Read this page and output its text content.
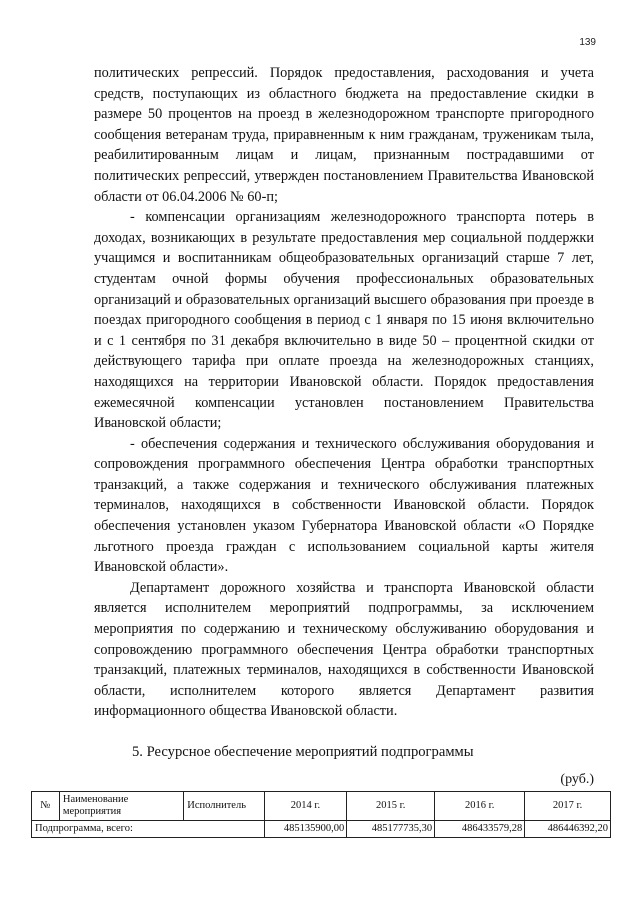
139

политических репрессий. Порядок предоставления, расходования и учета средств, поступающих из областного бюджета на предоставление скидки в размере 50 процентов на проезд в железнодорожном транспорте пригородного сообщения ветеранам труда, приравненным к ним гражданам, труженикам тыла, реабилитированным лицам и лицам, признанным пострадавшими от политических репрессий, утвержден постановлением Правительства Ивановской области от 06.04.2006 № 60-п;

- компенсации организациям железнодорожного транспорта потерь в доходах, возникающих в результате предоставления мер социальной поддержки учащимся и воспитанникам общеобразовательных организаций старше 7 лет, студентам очной формы обучения профессиональных образовательных организаций и образовательных организаций высшего образования при проезде в поездах пригородного сообщения в период с 1 января по 15 июня включительно и с 1 сентября по 31 декабря включительно в виде 50 – процентной скидки от действующего тарифа при оплате проезда на железнодорожных станциях, находящихся на территории Ивановской области. Порядок предоставления ежемесячной компенсации установлен постановлением Правительства Ивановской области;

- обеспечения содержания и технического обслуживания оборудования и сопровождения программного обеспечения Центра обработки транспортных транзакций, а также содержания и технического обслуживания платежных терминалов, находящихся в собственности Ивановской области. Порядок обеспечения установлен указом Губернатора Ивановской области «О Порядке льготного проезда граждан с использованием социальной карты жителя Ивановской области».

Департамент дорожного хозяйства и транспорта Ивановской области является исполнителем мероприятий подпрограммы, за исключением мероприятия по содержанию и техническому обслуживанию оборудования и сопровождению программного обеспечения Центра обработки транспортных транзакций, платежных терминалов, находящихся в собственности Ивановской области, исполнителем которого является Департамент развития информационного общества Ивановской области.

5. Ресурсное обеспечение мероприятий подпрограммы
(руб.)
№	Наименование мероприятия	Исполнитель	2014 г.	2015 г.	2016 г.	2017 г.
Подпрограмма, всего:			485135900,00	485177735,30	486433579,28	486446392,20
